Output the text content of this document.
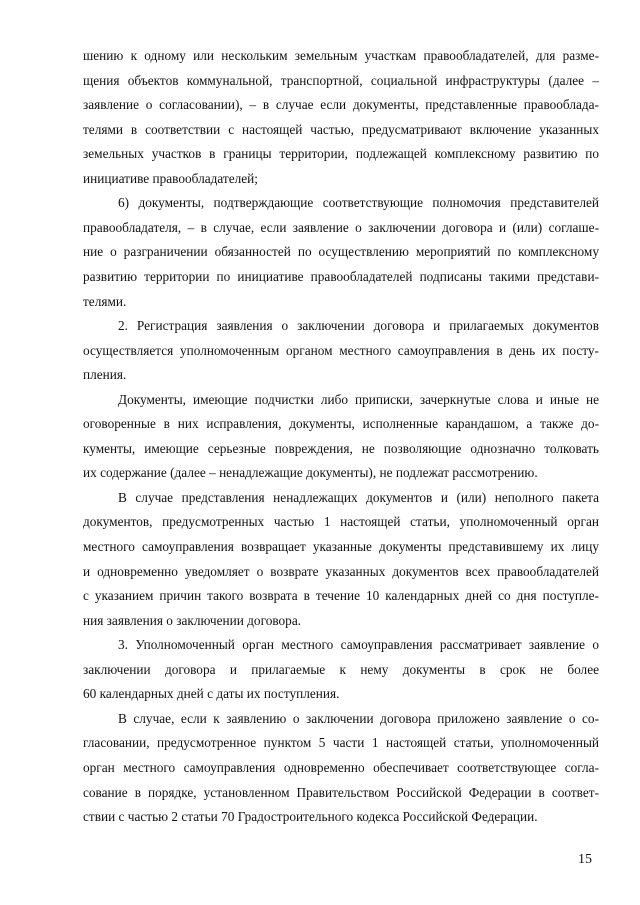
шению к одному или нескольким земельным участкам правообладателей, для разме-
щения объектов коммунальной, транспортной, социальной инфраструктуры (далее –
заявление о согласовании), – в случае если документы, представленные правооблада-
телями в соответствии с настоящей частью, предусматривают включение указанных
земельных участков в границы территории, подлежащей комплексному развитию по
инициативе правообладателей;
6) документы, подтверждающие соответствующие полномочия представителей
правообладателя, – в случае, если заявление о заключении договора и (или) соглаше-
ние о разграничении обязанностей по осуществлению мероприятий по комплексному
развитию территории по инициативе правообладателей подписаны такими представи-
телями.
2. Регистрация заявления о заключении договора и прилагаемых документов
осуществляется уполномоченным органом местного самоуправления в день их посту-
пления.
Документы, имеющие подчистки либо приписки, зачеркнутые слова и иные не
оговоренные в них исправления, документы, исполненные карандашом, а также до-
кументы, имеющие серьезные повреждения, не позволяющие однозначно толковать
их содержание (далее – ненадлежащие документы), не подлежат рассмотрению.
В случае представления ненадлежащих документов и (или) неполного пакета
документов, предусмотренных частью 1 настоящей статьи, уполномоченный орган
местного самоуправления возвращает указанные документы представившему их лицу
и одновременно уведомляет о возврате указанных документов всех правообладателей
с указанием причин такого возврата в течение 10 календарных дней со дня поступле-
ния заявления о заключении договора.
3. Уполномоченный орган местного самоуправления рассматривает заявление о
заключении договора и прилагаемые к нему документы в срок не более
60 календарных дней с даты их поступления.
В случае, если к заявлению о заключении договора приложено заявление о со-
гласовании, предусмотренное пунктом 5 части 1 настоящей статьи, уполномоченный
орган местного самоуправления одновременно обеспечивает соответствующее согла-
сование в порядке, установленном Правительством Российской Федерации в соответ-
ствии с частью 2 статьи 70 Градостроительного кодекса Российской Федерации.
15
